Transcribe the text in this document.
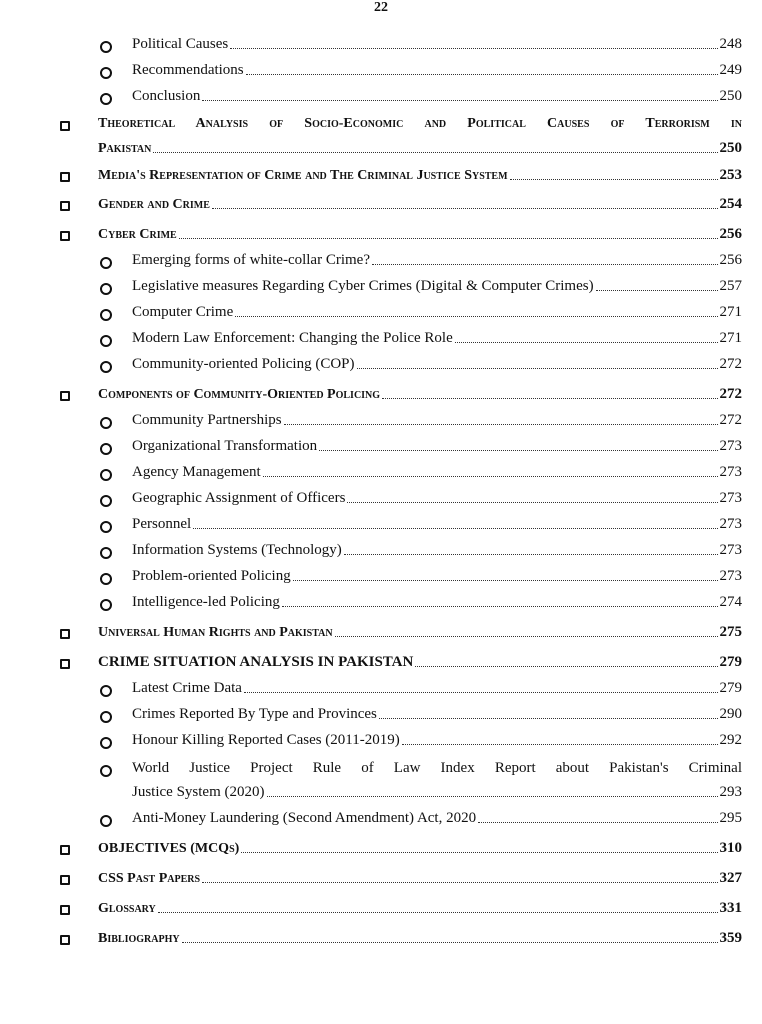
22
Political Causes	248
Recommendations	249
Conclusion	250
Theoretical Analysis of Socio-Economic and Political Causes of Terrorism in
Pakistan	250
Media's Representation of Crime and The Criminal Justice System	253
Gender and Crime	254
Cyber Crime	256
Emerging forms of white-collar Crime?	256
Legislative measures Regarding Cyber Crimes (Digital & Computer Crimes)	257
Computer Crime	271
Modern Law Enforcement: Changing the Police Role	271
Community-oriented Policing (COP)	272
Components of Community-Oriented Policing	272
Community Partnerships	272
Organizational Transformation	273
Agency Management	273
Geographic Assignment of Officers	273
Personnel	273
Information Systems (Technology)	273
Problem-oriented Policing	273
Intelligence-led Policing	274
Universal Human Rights and Pakistan	275
CRIME SITUATION ANALYSIS IN PAKISTAN	279
Latest Crime Data	279
Crimes Reported By Type and Provinces	290
Honour Killing Reported Cases (2011-2019)	292
World Justice Project Rule of Law Index Report about Pakistan's Criminal
Justice System (2020)	293
Anti-Money Laundering (Second Amendment) Act, 2020	295
OBJECTIVES (MCQs)	310
CSS Past Papers	327
Glossary	331
Bibliography	359
